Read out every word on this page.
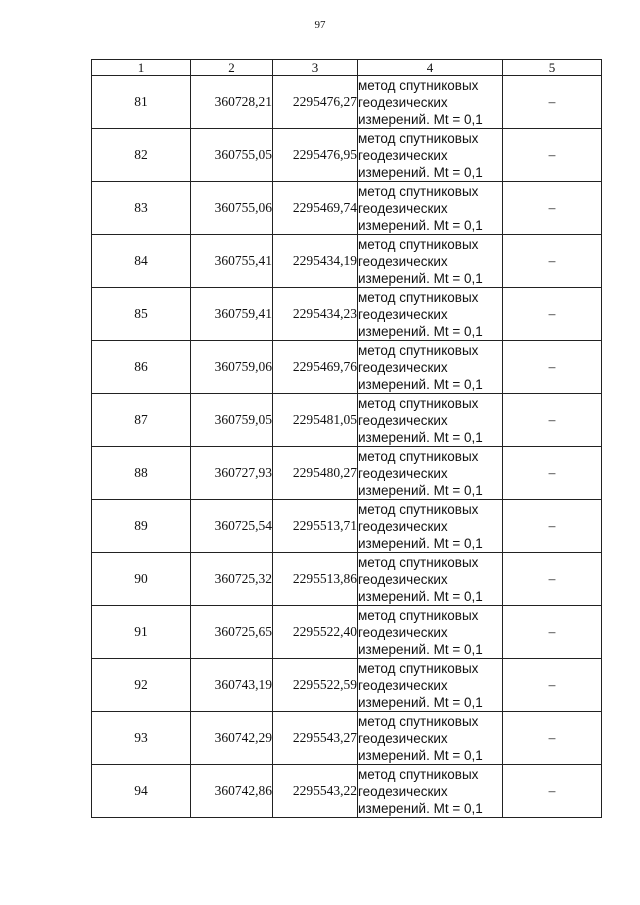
97
1	2	3	4	5
81	360728,21	2295476,27	метод спутниковых
геодезических
измерений. Mt = 0,1	–
82	360755,05	2295476,95	метод спутниковых
геодезических
измерений. Mt = 0,1	–
83	360755,06	2295469,74	метод спутниковых
геодезических
измерений. Mt = 0,1	–
84	360755,41	2295434,19	метод спутниковых
геодезических
измерений. Mt = 0,1	–
85	360759,41	2295434,23	метод спутниковых
геодезических
измерений. Mt = 0,1	–
86	360759,06	2295469,76	метод спутниковых
геодезических
измерений. Mt = 0,1	–
87	360759,05	2295481,05	метод спутниковых
геодезических
измерений. Mt = 0,1	–
88	360727,93	2295480,27	метод спутниковых
геодезических
измерений. Mt = 0,1	–
89	360725,54	2295513,71	метод спутниковых
геодезических
измерений. Mt = 0,1	–
90	360725,32	2295513,86	метод спутниковых
геодезических
измерений. Mt = 0,1	–
91	360725,65	2295522,40	метод спутниковых
геодезических
измерений. Mt = 0,1	–
92	360743,19	2295522,59	метод спутниковых
геодезических
измерений. Mt = 0,1	–
93	360742,29	2295543,27	метод спутниковых
геодезических
измерений. Mt = 0,1	–
94	360742,86	2295543,22	метод спутниковых
геодезических
измерений. Mt = 0,1	–
